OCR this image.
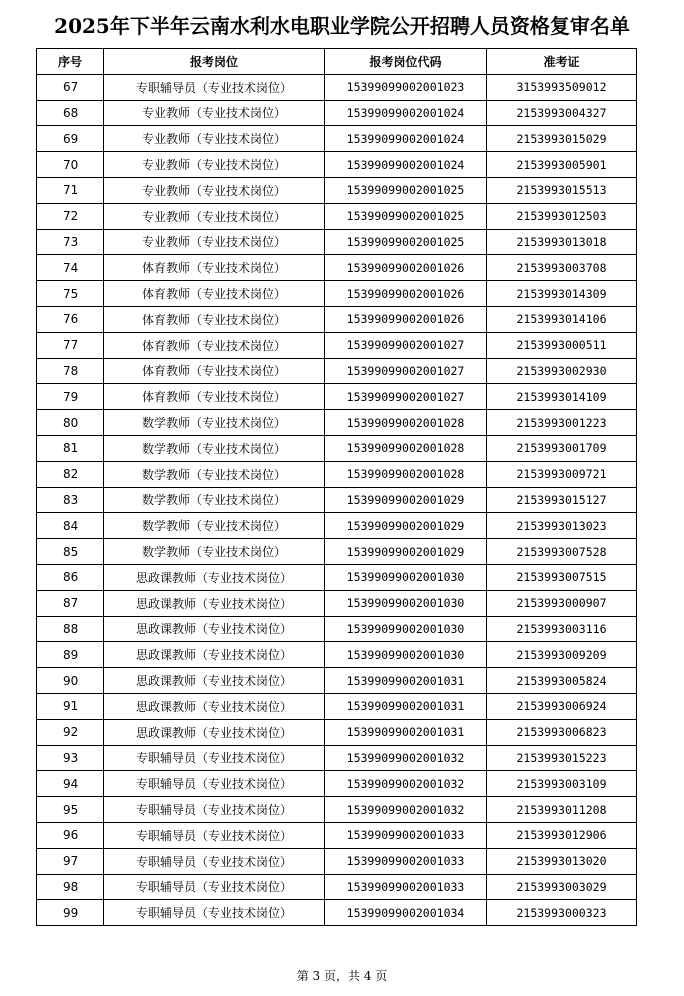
2025年下半年云南水利水电职业学院公开招聘人员资格复审名单
序号	报考岗位	报考岗位代码	准考证
67	专职辅导员（专业技术岗位）	15399099002001023	3153993509012
68	专业教师（专业技术岗位）	15399099002001024	2153993004327
69	专业教师（专业技术岗位）	15399099002001024	2153993015029
70	专业教师（专业技术岗位）	15399099002001024	2153993005901
71	专业教师（专业技术岗位）	15399099002001025	2153993015513
72	专业教师（专业技术岗位）	15399099002001025	2153993012503
73	专业教师（专业技术岗位）	15399099002001025	2153993013018
74	体育教师（专业技术岗位）	15399099002001026	2153993003708
75	体育教师（专业技术岗位）	15399099002001026	2153993014309
76	体育教师（专业技术岗位）	15399099002001026	2153993014106
77	体育教师（专业技术岗位）	15399099002001027	2153993000511
78	体育教师（专业技术岗位）	15399099002001027	2153993002930
79	体育教师（专业技术岗位）	15399099002001027	2153993014109
80	数学教师（专业技术岗位）	15399099002001028	2153993001223
81	数学教师（专业技术岗位）	15399099002001028	2153993001709
82	数学教师（专业技术岗位）	15399099002001028	2153993009721
83	数学教师（专业技术岗位）	15399099002001029	2153993015127
84	数学教师（专业技术岗位）	15399099002001029	2153993013023
85	数学教师（专业技术岗位）	15399099002001029	2153993007528
86	思政课教师（专业技术岗位）	15399099002001030	2153993007515
87	思政课教师（专业技术岗位）	15399099002001030	2153993000907
88	思政课教师（专业技术岗位）	15399099002001030	2153993003116
89	思政课教师（专业技术岗位）	15399099002001030	2153993009209
90	思政课教师（专业技术岗位）	15399099002001031	2153993005824
91	思政课教师（专业技术岗位）	15399099002001031	2153993006924
92	思政课教师（专业技术岗位）	15399099002001031	2153993006823
93	专职辅导员（专业技术岗位）	15399099002001032	2153993015223
94	专职辅导员（专业技术岗位）	15399099002001032	2153993003109
95	专职辅导员（专业技术岗位）	15399099002001032	2153993011208
96	专职辅导员（专业技术岗位）	15399099002001033	2153993012906
97	专职辅导员（专业技术岗位）	15399099002001033	2153993013020
98	专职辅导员（专业技术岗位）	15399099002001033	2153993003029
99	专职辅导员（专业技术岗位）	15399099002001034	2153993000323
第 3 页，共 4 页
